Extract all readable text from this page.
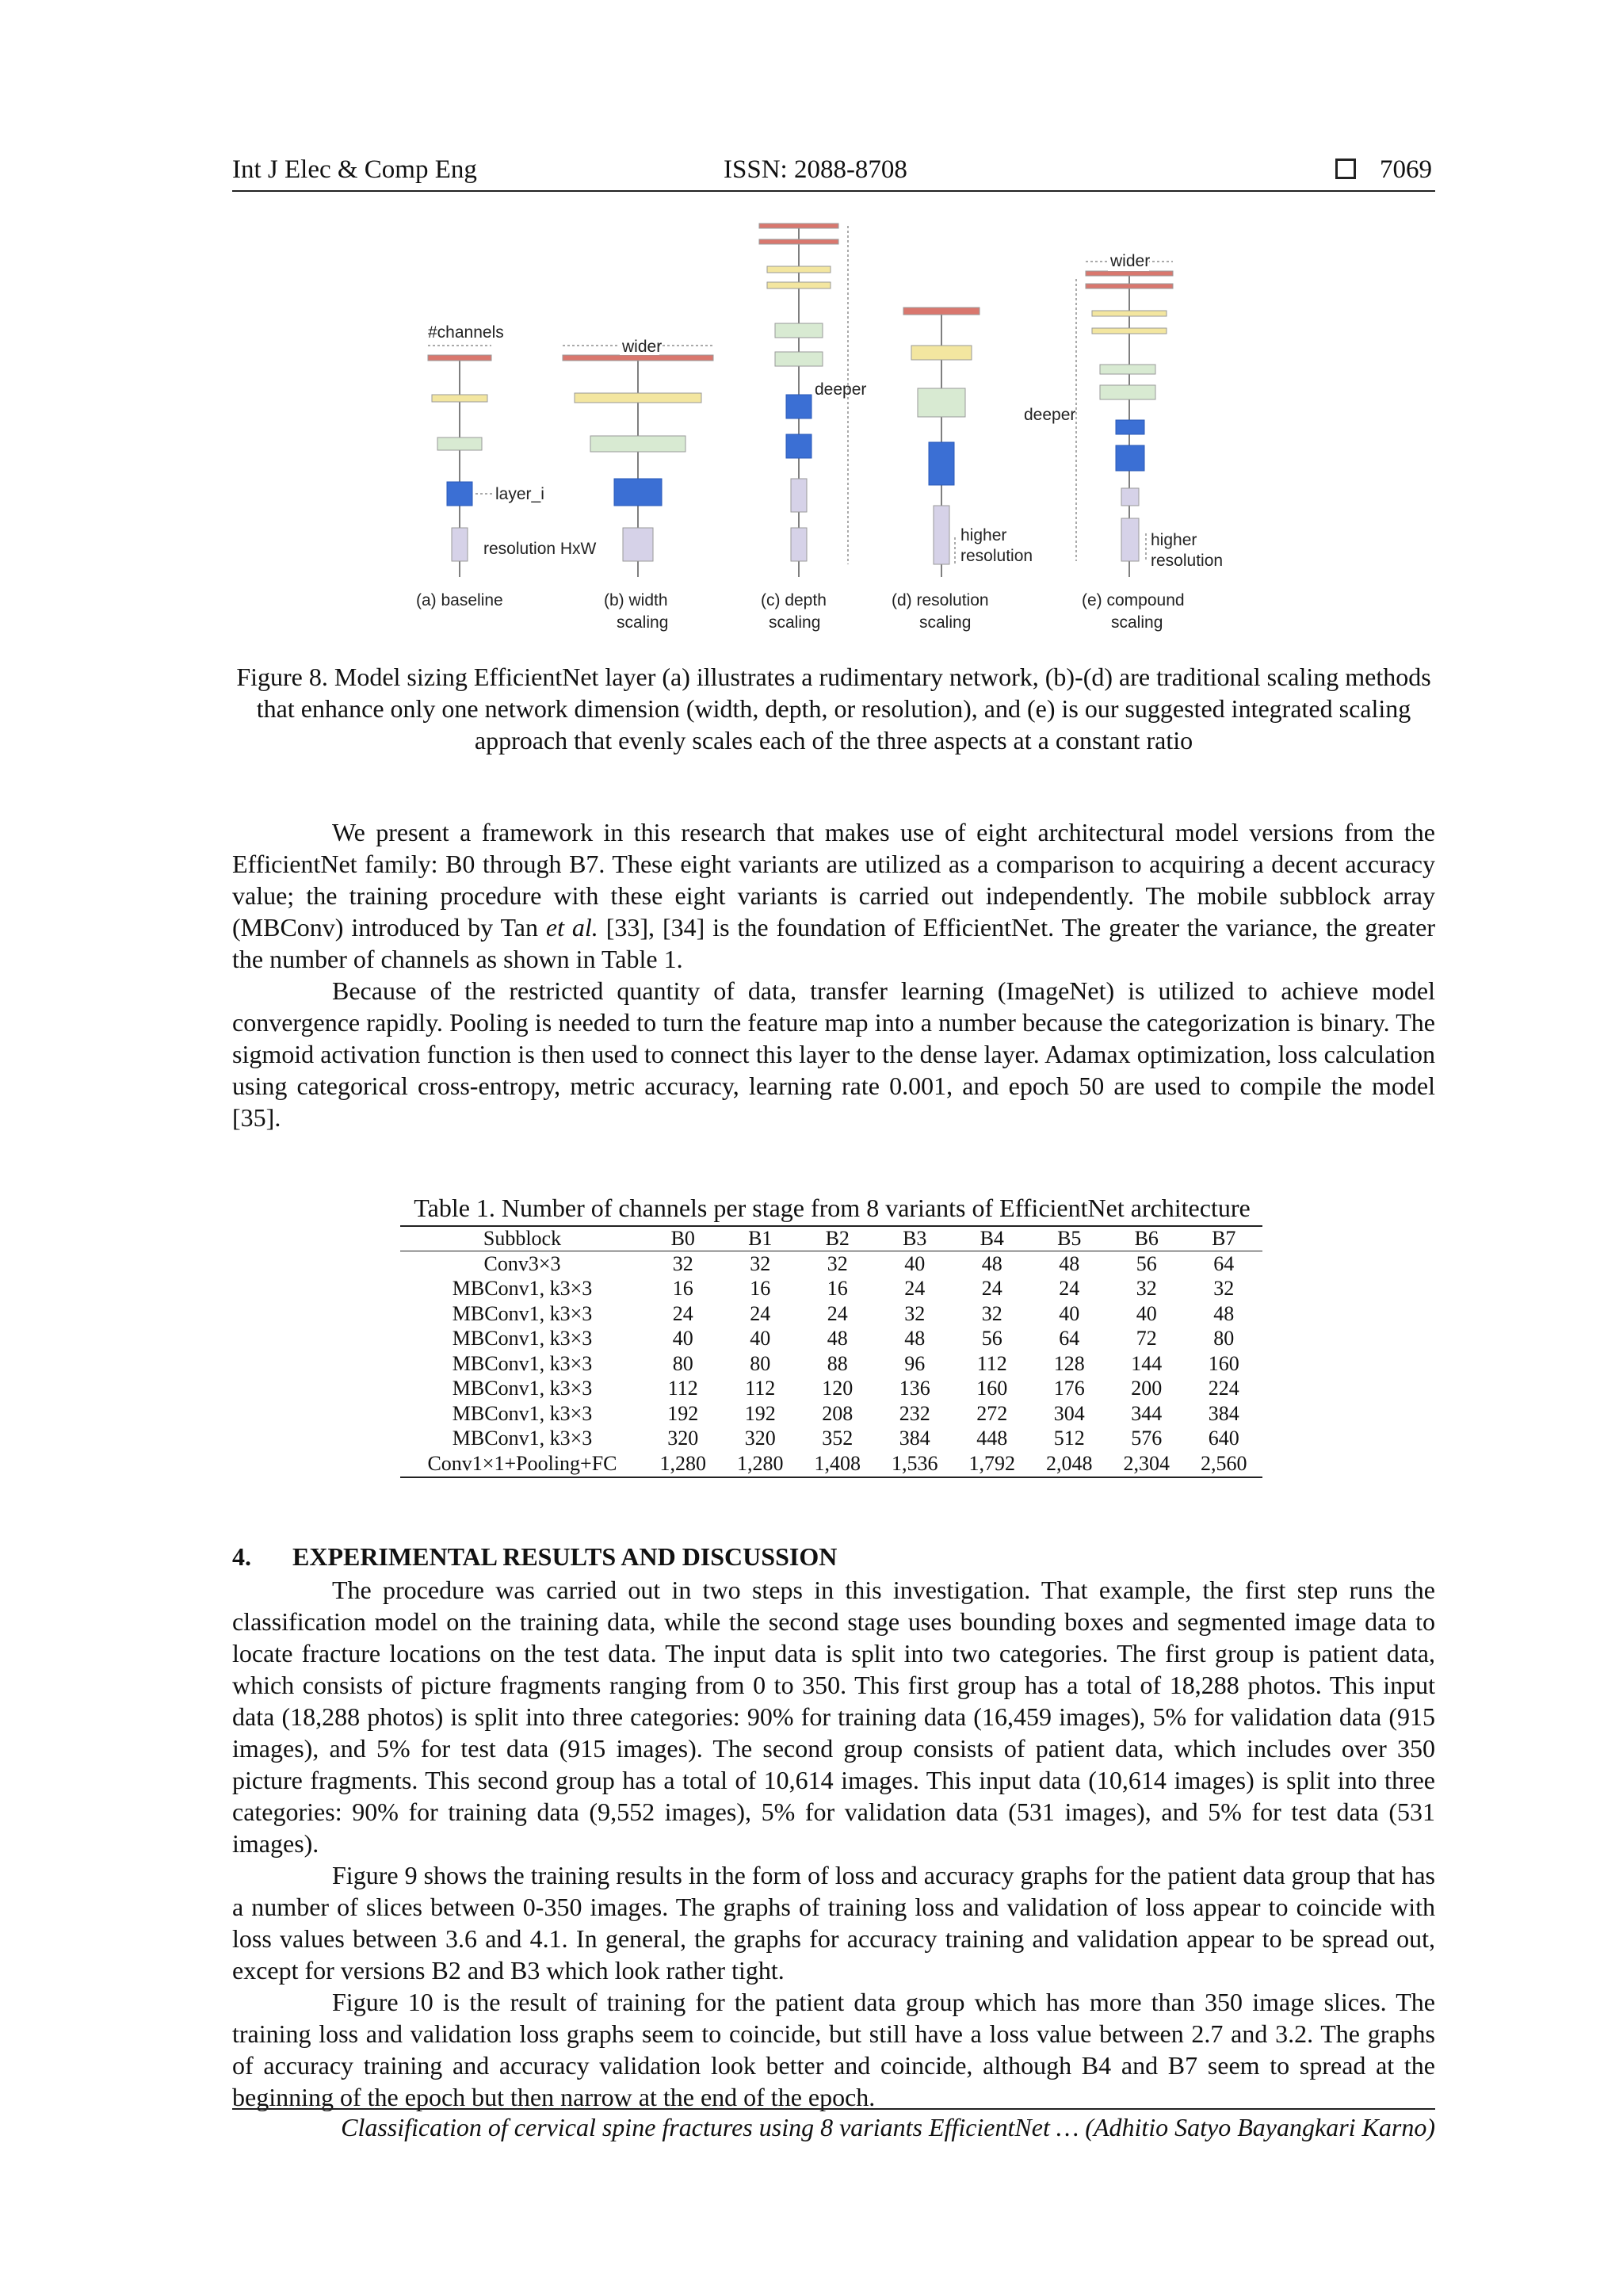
Int J Elec & Comp Eng	ISSN: 2088-8708	7069
#channels
layer_i
resolution HxW
(a) baseline
wider
(b) width
scaling
deeper
(c) depth
scaling
higher
resolution
(d) resolution
scaling
wider
deeper
higher
resolution
(e) compound
scaling
Figure 8. Model sizing EfficientNet layer (a) illustrates a rudimentary network, (b)-(d) are traditional scaling methods that enhance only one network dimension (width, depth, or resolution), and (e) is our suggested integrated scaling approach that evenly scales each of the three aspects at a constant ratio

We present a framework in this research that makes use of eight architectural model versions from the EfficientNet family: B0 through B7. These eight variants are utilized as a comparison to acquiring a decent accuracy value; the training procedure with these eight variants is carried out independently. The mobile subblock array (MBConv) introduced by Tan et al. [33], [34] is the foundation of EfficientNet. The greater the variance, the greater the number of channels as shown in Table 1.

Because of the restricted quantity of data, transfer learning (ImageNet) is utilized to achieve model convergence rapidly. Pooling is needed to turn the feature map into a number because the categorization is binary. The sigmoid activation function is then used to connect this layer to the dense layer. Adamax optimization, loss calculation using categorical cross-entropy, metric accuracy, learning rate 0.001, and epoch 50 are used to compile the model [35].

Table 1. Number of channels per stage from 8 variants of EfficientNet architecture
Subblock	B0	B1	B2	B3	B4	B5	B6	B7
Conv3×3	32	32	32	40	48	48	56	64
MBConv1, k3×3	16	16	16	24	24	24	32	32
MBConv1, k3×3	24	24	24	32	32	40	40	48
MBConv1, k3×3	40	40	48	48	56	64	72	80
MBConv1, k3×3	80	80	88	96	112	128	144	160
MBConv1, k3×3	112	112	120	136	160	176	200	224
MBConv1, k3×3	192	192	208	232	272	304	344	384
MBConv1, k3×3	320	320	352	384	448	512	576	640
Conv1×1+Pooling+FC	1,280	1,280	1,408	1,536	1,792	2,048	2,304	2,560
4. EXPERIMENTAL RESULTS AND DISCUSSION

The procedure was carried out in two steps in this investigation. That example, the first step runs the classification model on the training data, while the second stage uses bounding boxes and segmented image data to locate fracture locations on the test data. The input data is split into two categories. The first group is patient data, which consists of picture fragments ranging from 0 to 350. This first group has a total of 18,288 photos. This input data (18,288 photos) is split into three categories: 90% for training data (16,459 images), 5% for validation data (915 images), and 5% for test data (915 images). The second group consists of patient data, which includes over 350 picture fragments. This second group has a total of 10,614 images. This input data (10,614 images) is split into three categories: 90% for training data (9,552 images), 5% for validation data (531 images), and 5% for test data (531 images).

Figure 9 shows the training results in the form of loss and accuracy graphs for the patient data group that has a number of slices between 0-350 images. The graphs of training loss and validation of loss appear to coincide with loss values between 3.6 and 4.1. In general, the graphs for accuracy training and validation appear to be spread out, except for versions B2 and B3 which look rather tight.

Figure 10 is the result of training for the patient data group which has more than 350 image slices. The training loss and validation loss graphs seem to coincide, but still have a loss value between 2.7 and 3.2. The graphs of accuracy training and accuracy validation look better and coincide, although B4 and B7 seem to spread at the beginning of the epoch but then narrow at the end of the epoch.

Classification of cervical spine fractures using 8 variants EfficientNet … (Adhitio Satyo Bayangkari Karno)
